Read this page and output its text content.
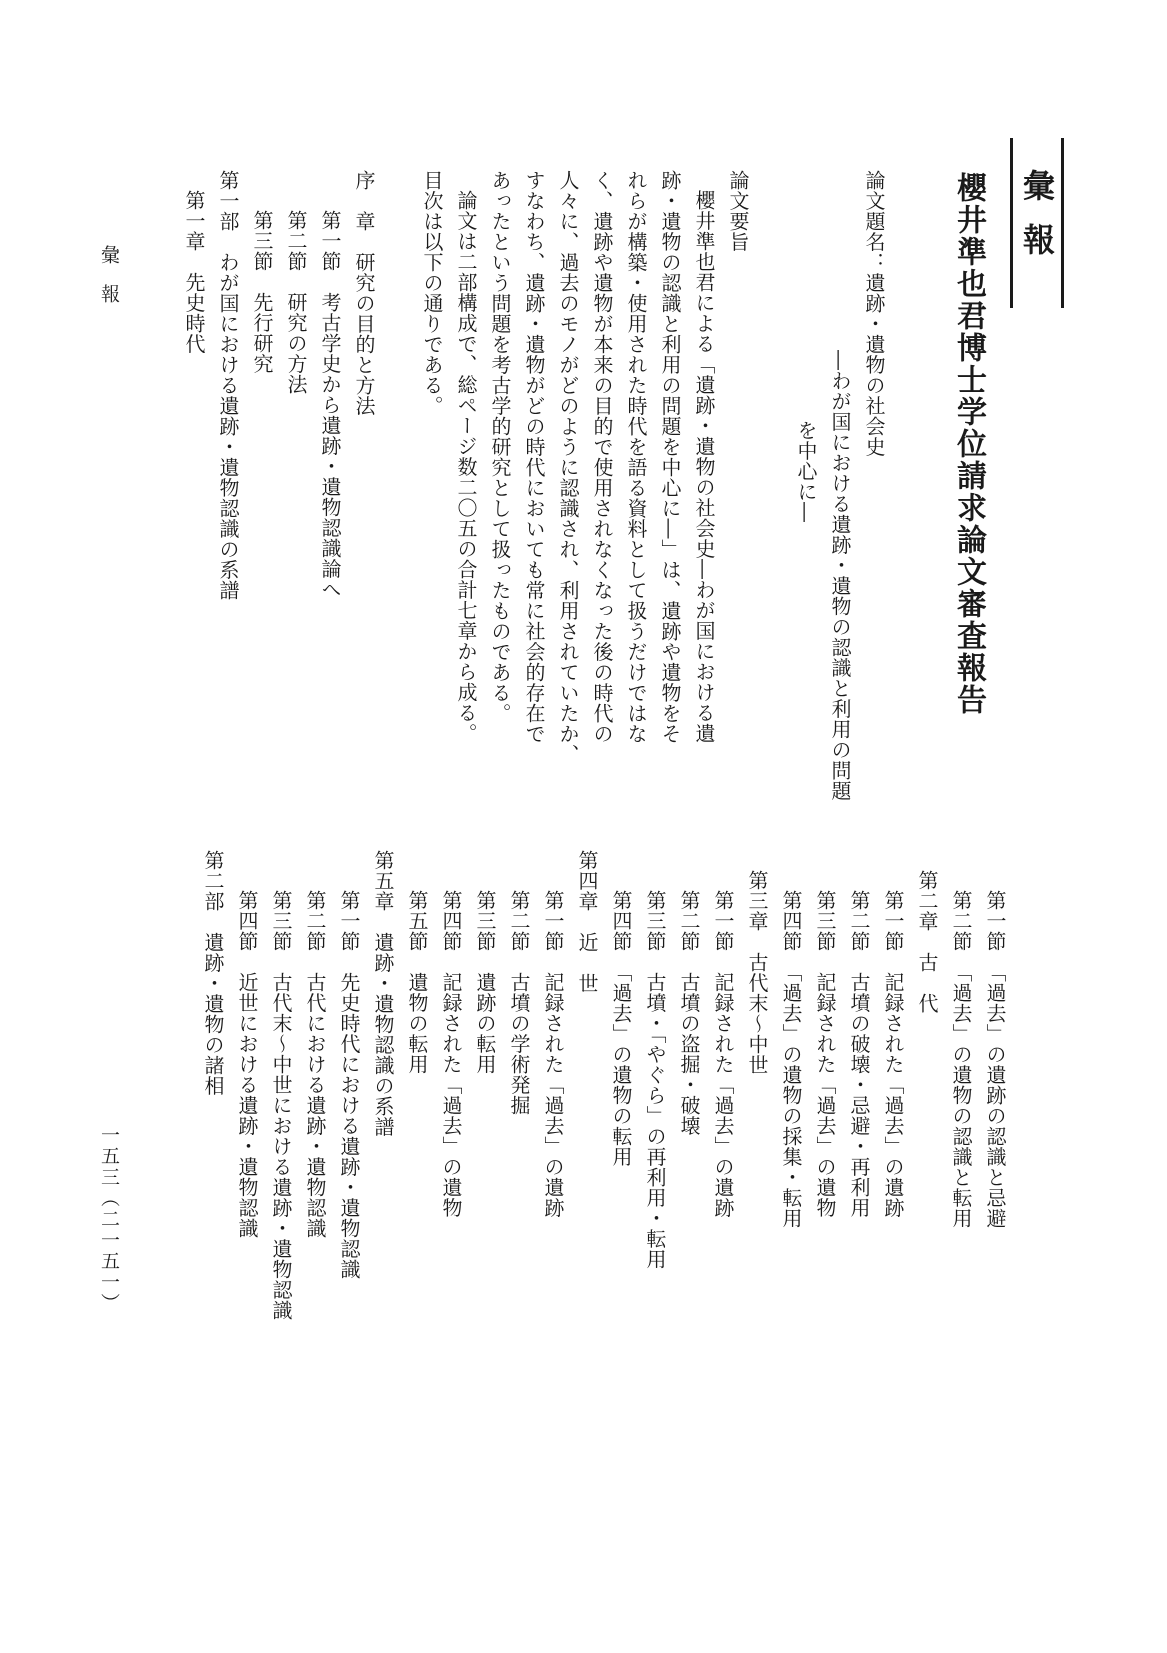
彙報
櫻井準也君博士学位請求論文審査報告
論文題名：遺跡・遺物の社会史
―わが国における遺跡・遺物の認識と利用の問題
を中心に―
論文要旨
櫻井準也君による「遺跡・遺物の社会史―わが国における遺
跡・遺物の認識と利用の問題を中心に―」は、遺跡や遺物をそ
れらが構築・使用された時代を語る資料として扱うだけではな
く、遺跡や遺物が本来の目的で使用されなくなった後の時代の
人々に、過去のモノがどのように認識され、利用されていたか、
すなわち、遺跡・遺物がどの時代においても常に社会的存在で
あったという問題を考古学的研究として扱ったものである。
論文は二部構成で、総ページ数二〇五の合計七章から成る。
目次は以下の通りである。
序　章　研究の目的と方法
第一節　考古学史から遺跡・遺物認識論へ
第二節　研究の方法
第三節　先行研究
第一部　わが国における遺跡・遺物認識の系譜
第一章　先史時代
第一節　「過去」の遺跡の認識と忌避
第二節　「過去」の遺物の認識と転用
第二章　古　代
第一節　記録された「過去」の遺跡
第二節　古墳の破壊・忌避・再利用
第三節　記録された「過去」の遺物
第四節　「過去」の遺物の採集・転用
第三章　古代末～中世
第一節　記録された「過去」の遺跡
第二節　古墳の盗掘・破壊
第三節　古墳・「やぐら」の再利用・転用
第四節　「過去」の遺物の転用
第四章　近　世
第一節　記録された「過去」の遺跡
第二節　古墳の学術発掘
第三節　遺跡の転用
第四節　記録された「過去」の遺物
第五節　遺物の転用
第五章　遺跡・遺物認識の系譜
第一節　先史時代における遺跡・遺物認識
第二節　古代における遺跡・遺物認識
第三節　古代末～中世における遺跡・遺物認識
第四節　近世における遺跡・遺物認識
第二部　遺跡・遺物の諸相
彙報
一五三（二一五一）
